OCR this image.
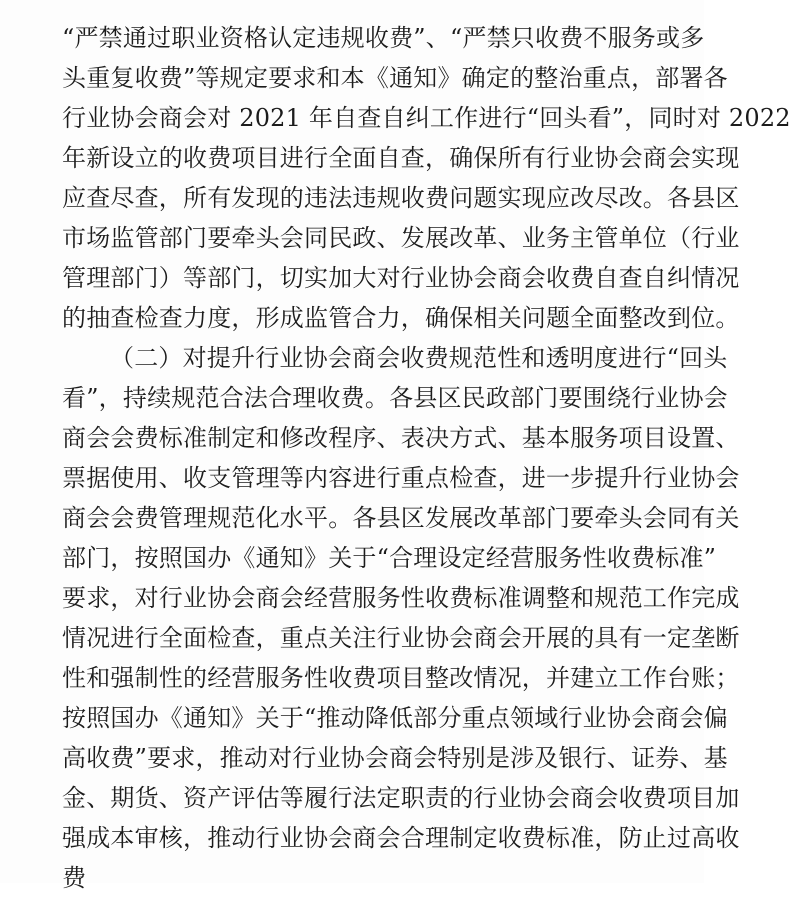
“严禁通过职业资格认定违规收费”、“严禁只收费不服务或多
头重复收费”等规定要求和本《通知》确定的整治重点，部署各
行业协会商会对 2021 年自查自纠工作进行“回头看”，同时对 2022
年新设立的收费项目进行全面自查，确保所有行业协会商会实现
应查尽查，所有发现的违法违规收费问题实现应改尽改。各县区
市场监管部门要牵头会同民政、发展改革、业务主管单位（行业
管理部门）等部门，切实加大对行业协会商会收费自查自纠情况
的抽查检查力度，形成监管合力，确保相关问题全面整改到位。
（二）对提升行业协会商会收费规范性和透明度进行“回头
看”，持续规范合法合理收费。各县区民政部门要围绕行业协会
商会会费标准制定和修改程序、表决方式、基本服务项目设置、
票据使用、收支管理等内容进行重点检查，进一步提升行业协会
商会会费管理规范化水平。各县区发展改革部门要牵头会同有关
部门，按照国办《通知》关于“合理设定经营服务性收费标准”
要求，对行业协会商会经营服务性收费标准调整和规范工作完成
情况进行全面检查，重点关注行业协会商会开展的具有一定垄断
性和强制性的经营服务性收费项目整改情况，并建立工作台账；
按照国办《通知》关于“推动降低部分重点领域行业协会商会偏
高收费”要求，推动对行业协会商会特别是涉及银行、证券、基
金、期货、资产评估等履行法定职责的行业协会商会收费项目加
强成本审核，推动行业协会商会合理制定收费标准，防止过高收
费
